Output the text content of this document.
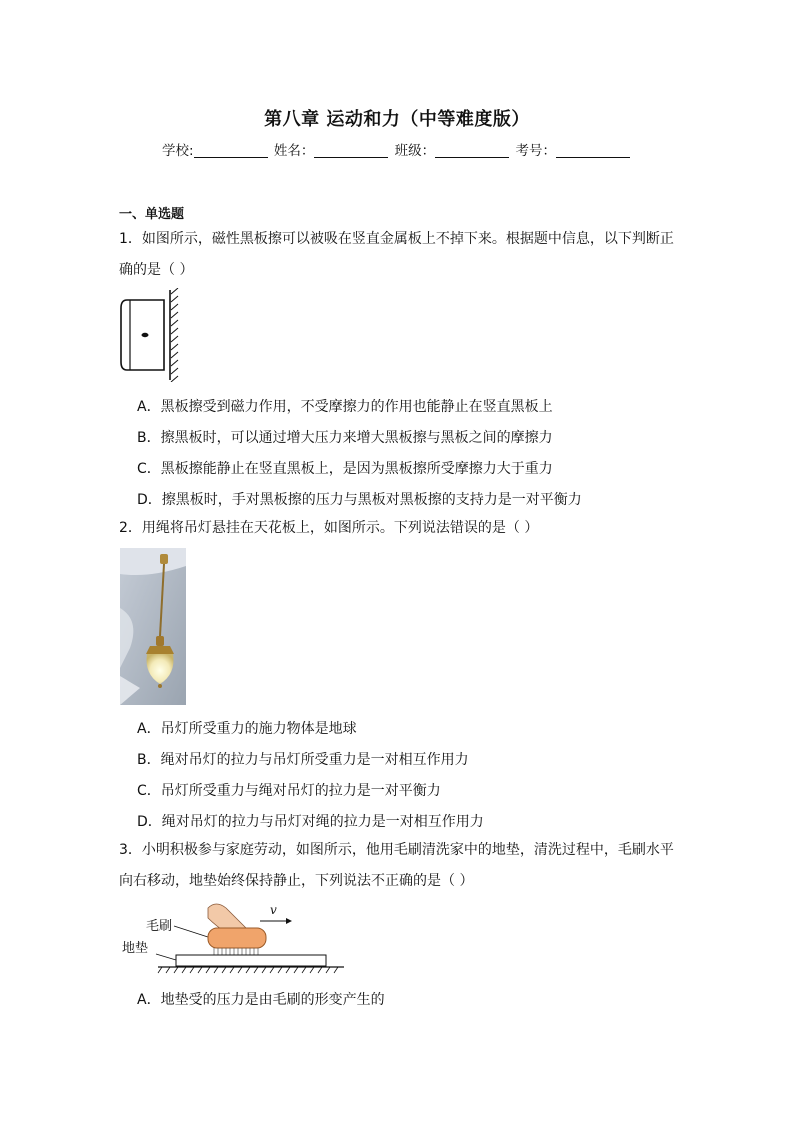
第八章 运动和力（中等难度版）
学校:	姓名：	班级：	考号：
一、单选题
1．如图所示，磁性黑板擦可以被吸在竖直金属板上不掉下来。根据题中信息，以下判断正确的是（ ）
A．黑板擦受到磁力作用，不受摩擦力的作用也能静止在竖直黑板上
B．擦黑板时，可以通过增大压力来增大黑板擦与黑板之间的摩擦力
C．黑板擦能静止在竖直黑板上，是因为黑板擦所受摩擦力大于重力
D．擦黑板时，手对黑板擦的压力与黑板对黑板擦的支持力是一对平衡力
2．用绳将吊灯悬挂在天花板上，如图所示。下列说法错误的是（ ）
A．吊灯所受重力的施力物体是地球
B．绳对吊灯的拉力与吊灯所受重力是一对相互作用力
C．吊灯所受重力与绳对吊灯的拉力是一对平衡力
D．绳对吊灯的拉力与吊灯对绳的拉力是一对相互作用力
3．小明积极参与家庭劳动，如图所示，他用毛刷清洗家中的地垫，清洗过程中，毛刷水平向右移动，地垫始终保持静止，下列说法不正确的是（ ）
毛刷
地垫
v
A．地垫受的压力是由毛刷的形变产生的
